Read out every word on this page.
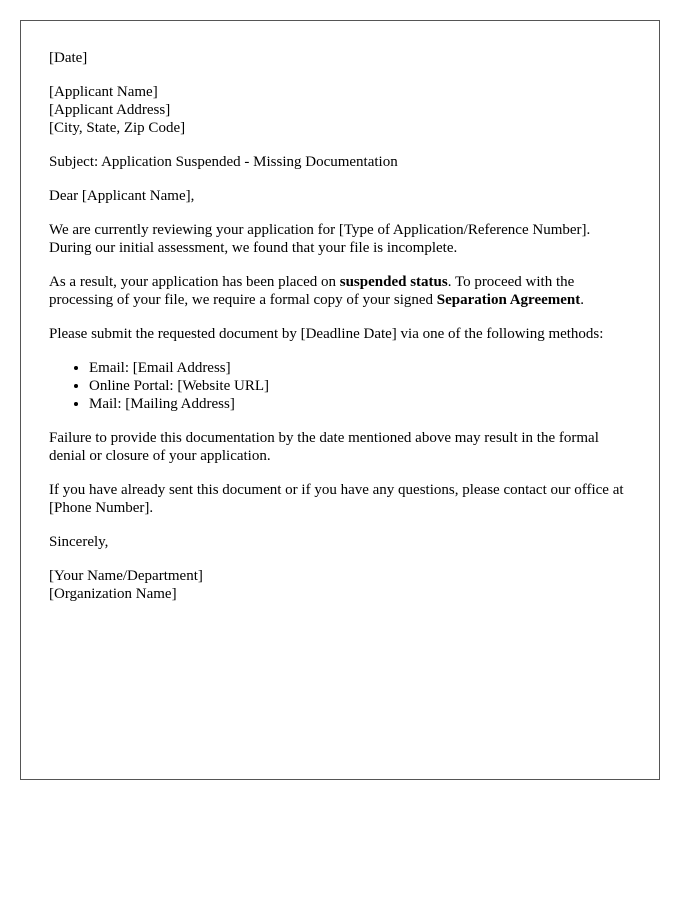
[Date]

[Applicant Name]
[Applicant Address]
[City, State, Zip Code]

Subject: Application Suspended - Missing Documentation

Dear [Applicant Name],

We are currently reviewing your application for [Type of Application/Reference Number]. During our initial assessment, we found that your file is incomplete.

As a result, your application has been placed on suspended status. To proceed with the processing of your file, we require a formal copy of your signed Separation Agreement.

Please submit the requested document by [Deadline Date] via one of the following methods:

• Email: [Email Address]
• Online Portal: [Website URL]
• Mail: [Mailing Address]

Failure to provide this documentation by the date mentioned above may result in the formal denial or closure of your application.

If you have already sent this document or if you have any questions, please contact our office at [Phone Number].

Sincerely,

[Your Name/Department]
[Organization Name]
